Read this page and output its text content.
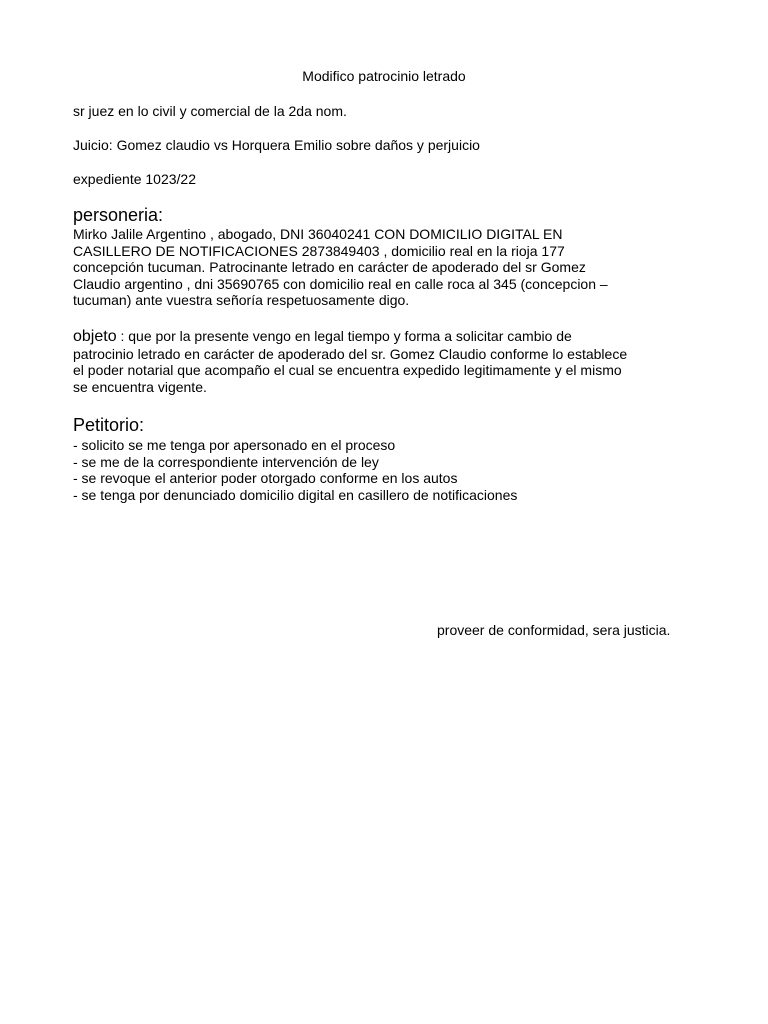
Modifico patrocinio letrado
sr juez en lo civil y comercial de la 2da nom.
Juicio: Gomez claudio vs Horquera Emilio sobre daños y perjuicio
expediente 1023/22
personeria:
Mirko Jalile Argentino , abogado, DNI 36040241 CON DOMICILIO DIGITAL EN
CASILLERO DE NOTIFICACIONES 2873849403 , domicilio real en la rioja 177
concepción tucuman. Patrocinante letrado en carácter de apoderado del sr Gomez
Claudio argentino , dni 35690765 con domicilio real en calle roca al 345 (concepcion –
tucuman) ante vuestra señoría respetuosamente digo.
objeto : que por la presente vengo en legal tiempo y forma a solicitar cambio de
patrocinio letrado en carácter de apoderado del sr. Gomez Claudio conforme lo establece
el poder notarial que acompaño el cual se encuentra expedido legitimamente y el mismo
se encuentra vigente.
Petitorio:
- solicito se me tenga por apersonado en el proceso
- se me de la correspondiente intervención de ley
- se revoque el anterior poder otorgado conforme en los autos
- se tenga por denunciado domicilio digital en casillero de notificaciones
proveer de conformidad, sera justicia.
